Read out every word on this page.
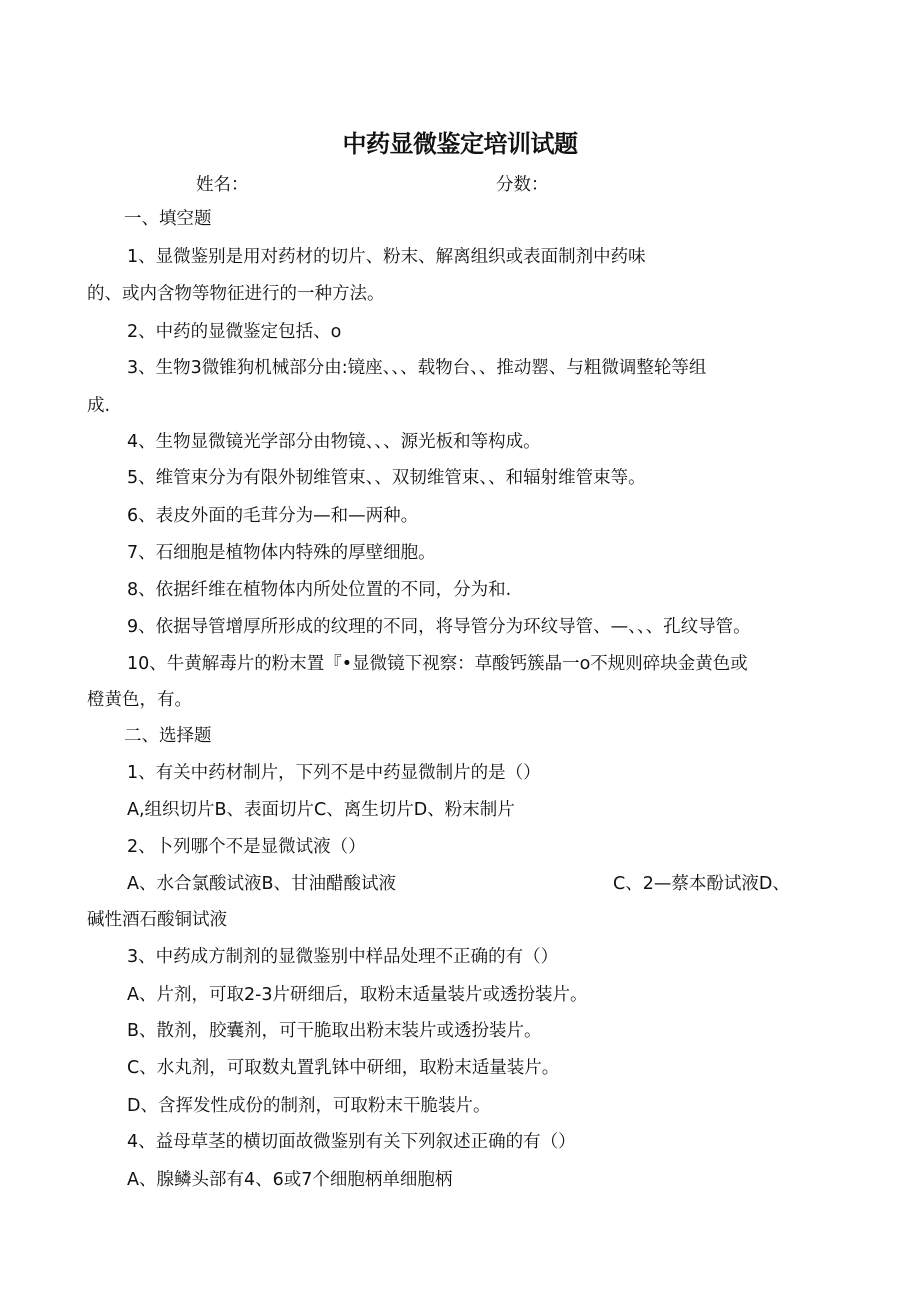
中药显微鉴定培训试题
姓名：	分数：
一、填空题
1、显微鉴别是用对药材的切片、粉末、解离组织或表面制剂中药味
的、或内含物等物征进行的一种方法。
2、中药的显微鉴定包括、o
3、生物3微锥狗机械部分由:镜座、、、载物台、、推动罂、与粗微调整轮等组
成.
4、生物显微镜光学部分由物镜、、、源光板和等构成。
5、维管束分为有限外韧维管束、、双韧维管束、、和辐射维管束等。
6、表皮外面的毛茸分为—和—两种。
7、石细胞是植物体内特殊的厚壁细胞。
8、依据纤维在植物体内所处位置的不同，分为和.
9、依据导管增厚所形成的纹理的不同，将导管分为环纹导管、—、、、孔纹导管。
10、牛黄解毒片的粉末置『•显微镜下视察：草酸钙簇晶一o不规则碎块金黄色或
橙黄色，有。
二、选择题
1、有关中药材制片，下列不是中药显微制片的是（）
A,组织切片B、表面切片C、离生切片D、粉末制片
2、卜列哪个不是显微试液（）
A、水合氯酸试液B、甘油醋酸试液	C、2—蔡本酚试液D、
碱性酒石酸铜试液
3、中药成方制剂的显微鉴别中样品处理不正确的有（）
A、片剂，可取2-3片研细后，取粉末适量装片或透扮装片。
B、散剂，胶囊剂，可干脆取出粉末装片或透扮装片。
C、水丸剂，可取数丸置乳钵中研细，取粉末适量装片。
D、含挥发性成份的制剂，可取粉末干脆装片。
4、益母草茎的横切面故微鉴别有关下列叙述正确的有（）
A、腺鳞头部有4、6或7个细胞柄单细胞柄
